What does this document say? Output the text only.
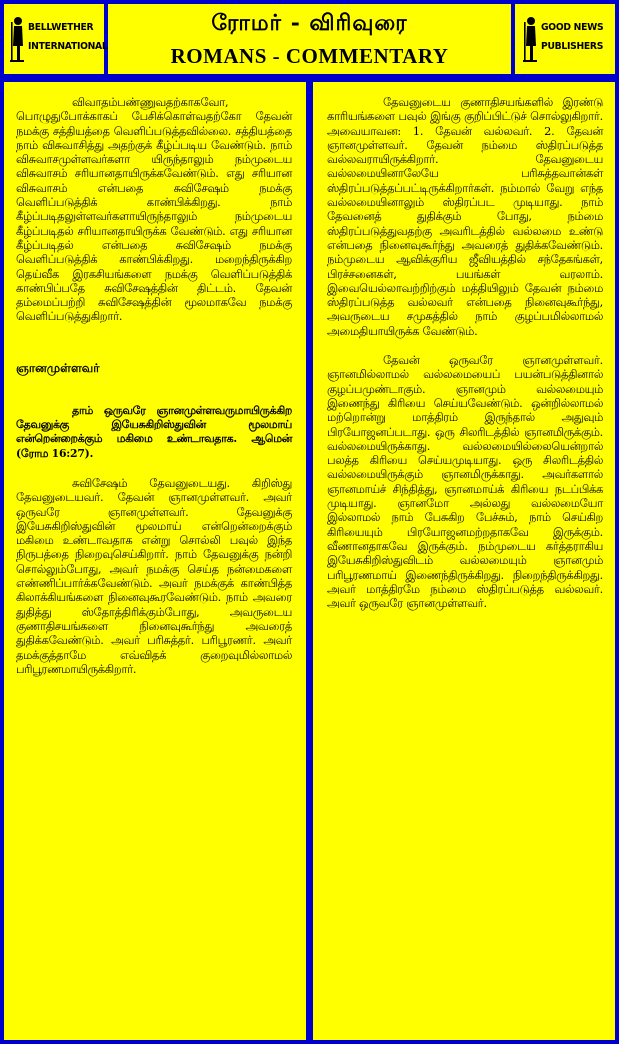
BELLWETHER
INTERNATIONAL
ரோமர் - விரிவுரை
ROMANS - COMMENTARY
GOOD NEWS
PUBLISHERS

விவாதம்பண்ணுவதற்காகவோ, பொழுதுபோக்காகப் பேசிக்கொள்வதற்கோ தேவன் நமக்கு சத்தியத்தை வெளிப்படுத்தவில்லை. சத்தியத்தை நாம் விசுவாசித்து அதற்குக் கீழ்ப்படிய வேண்டும். நாம் விசுவாசமுள்ளவர்களா யிருந்தாலும் நம்முடைய விசுவாசம் சரியானதாயிருக்கவேண்டும். எது சரியான விசுவாசம் என்பதை சுவிசேஷம் நமக்கு வெளிப்படுத்திக் காண்பிக்கிறது. நாம் கீழ்ப்படிதலுள்ளவர்களாயிருந்தாலும் நம்முடைய கீழ்ப்படிதல் சரியானதாயிருக்க வேண்டும். எது சரியான கீழ்ப்படிதல் என்பதை சுவிசேஷம் நமக்கு வெளிப்படுத்திக் காண்பிக்கிறது. மறைந்திருக்கிற தெய்வீக இரகசியங்களை நமக்கு வெளிப்படுத்திக் காண்பிப்பதே சுவிசேஷத்தின் திட்டம். தேவன் தம்மைப்பற்றி சுவிசேஷத்தின் மூலமாகவே நமக்கு வெளிப்படுத்துகிறார்.

ஞானமுள்ளவர்

தாம் ஒருவரே ஞானமுள்ளவருமாயிருக்கிற தேவனுக்கு இயேசுகிறிஸ்துவின் மூலமாய் என்றென்றைக்கும் மகிமை உண்டாவதாக. ஆமென் (ரோம 16:27).

சுவிசேஷம் தேவனுடையது. கிறிஸ்து தேவனுடையவர். தேவன் ஞானமுள்ளவர். அவர் ஒருவரே ஞானமுள்ளவர். தேவனுக்கு இயேசுகிறிஸ்துவின் மூலமாய் என்றென்றைக்கும் மகிமை உண்டாவதாக என்று சொல்லி பவுல் இந்த நிருபத்தை நிறைவுசெய்கிறார். நாம் தேவனுக்கு நன்றி சொல்லும்போது, அவர் நமக்கு செய்த நன்மைகளை எண்ணிப்பார்க்கவேண்டும். அவர் நமக்குக் காண்பித்த கிலாக்கியங்களை நினைவுகூரவேண்டும். நாம் அவரை துதித்து ஸ்தோத்திரிக்கும்போது, அவருடைய குணாதிசயங்களை நினைவுகூர்ந்து அவரைத் துதிக்கவேண்டும். அவர் பரிசுத்தர். பரிபூரணர். அவர் தமக்குத்தாமே எவ்விதக் குறைவுமில்லாமல் பரிபூரணமாயிருக்கிறார்.

தேவனுடைய குணாதிசயங்களில் இரண்டு காரியங்களை பவுல் இங்கு குறிப்பிட்டுச் சொல்லுகிறார். அவையாவன: 1. தேவன் வல்லவர். 2. தேவன் ஞானமுள்ளவர். தேவன் நம்மை ஸ்திரப்படுத்த வல்லவராயிருக்கிறார். தேவனுடைய வல்லமையினாலேயே பரிசுத்தவான்கள் ஸ்திரப்படுத்தப்பட்டிருக்கிறார்கள். நம்மால் வேறு எந்த வல்லமையினாலும் ஸ்திரப்பட முடியாது. நாம் தேவனைத் துதிக்கும் போது, நம்மை ஸ்திரப்படுத்துவதற்கு அவரிடத்தில் வல்லமை உண்டு என்பதை நினைவுகூர்ந்து அவரைத் துதிக்கவேண்டும். நம்முடைய ஆவிக்குரிய ஜீவியத்தில் சந்தேகங்கள், பிரச்சனைகள், பயங்கள் வரலாம். இவையெல்லாவற்றிற்கும் மத்தியிலும் தேவன் நம்மை ஸ்திரப்படுத்த வல்லவர் என்பதை நினைவுகூர்ந்து, அவருடைய சமுகத்தில் நாம் குழப்பமில்லாமல் அமைதியாயிருக்க வேண்டும்.

தேவன் ஒருவரே ஞானமுள்ளவர். ஞானமில்லாமல் வல்லமையைப் பயன்படுத்தினால் குழப்பமுண்டாகும். ஞானமும் வல்லமையும் இணைந்து கிரியை செய்யவேண்டும். ஒன்றில்லாமல் மற்றொன்று மாத்திரம் இருந்தால் அதுவும் பிரயோஜனப்படாது. ஒரு சிலரிடத்தில் ஞானமிருக்கும். வல்லமையிருக்காது. வல்லமையில்லையென்றால் பலத்த கிரியை செய்யமுடியாது. ஒரு சிலரிடத்தில் வல்லமையிருக்கும் ஞானமிருக்காது. அவர்களால் ஞானமாய்ச் சிந்தித்து, ஞானமாய்க் கிரியை நடப்பிக்க முடியாது. ஞானமோ அல்லது வல்லமையோ இல்லாமல் நாம் பேசுகிற பேச்சும், நாம் செய்கிற கிரியையும் பிரயோஜனமற்றதாகவே இருக்கும். வீணானதாகவே இருக்கும். நம்முடைய கர்த்தராகிய இயேசுகிறிஸ்துவிடம் வல்லமையும் ஞானமும் பரிபூரணமாய் இணைந்திருக்கிறது. நிறைந்திருக்கிறது. அவர் மாத்திரமே நம்மை ஸ்திரப்படுத்த வல்லவர். அவர் ஒருவரே ஞானமுள்ளவர்.
